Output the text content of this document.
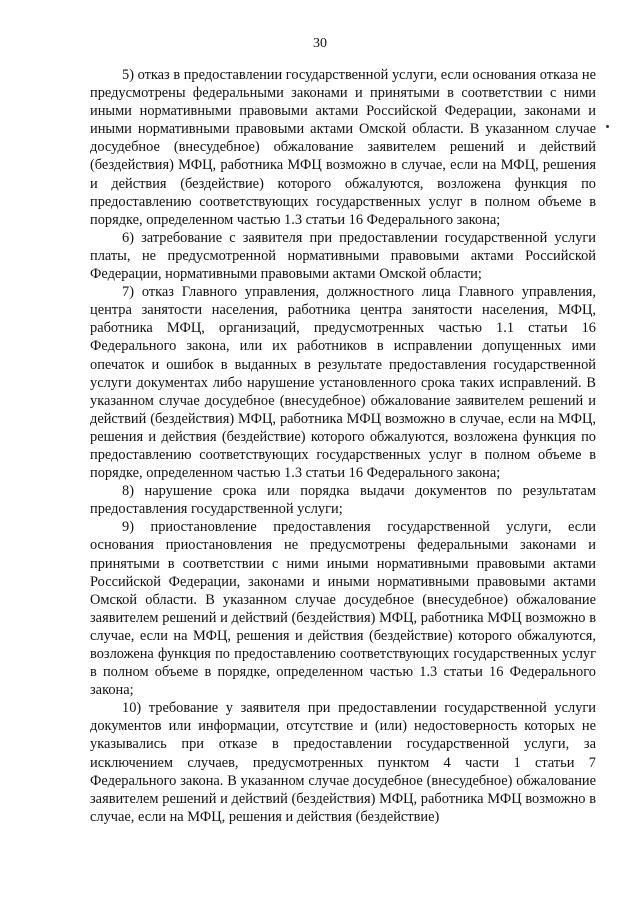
30

5) отказ в предоставлении государственной услуги, если основания отказа не предусмотрены федеральными законами и принятыми в соответствии с ними иными нормативными правовыми актами Российской Федерации, законами и иными нормативными правовыми актами Омской области. В указанном случае досудебное (внесудебное) обжалование заявителем решений и действий (бездействия) МФЦ, работника МФЦ возможно в случае, если на МФЦ, решения и действия (бездействие) которого обжалуются, возложена функция по предоставлению соответствующих государственных услуг в полном объеме в порядке, определенном частью 1.3 статьи 16 Федерального закона;

6) затребование с заявителя при предоставлении государственной услуги платы, не предусмотренной нормативными правовыми актами Российской Федерации, нормативными правовыми актами Омской области;

7) отказ Главного управления, должностного лица Главного управления, центра занятости населения, работника центра занятости населения, МФЦ, работника МФЦ, организаций, предусмотренных частью 1.1 статьи 16 Федерального закона, или их работников в исправлении допущенных ими опечаток и ошибок в выданных в результате предоставления государственной услуги документах либо нарушение установленного срока таких исправлений. В указанном случае досудебное (внесудебное) обжалование заявителем решений и действий (бездействия) МФЦ, работника МФЦ возможно в случае, если на МФЦ, решения и действия (бездействие) которого обжалуются, возложена функция по предоставлению соответствующих государственных услуг в полном объеме в порядке, определенном частью 1.3 статьи 16 Федерального закона;

8) нарушение срока или порядка выдачи документов по результатам предоставления государственной услуги;

9) приостановление предоставления государственной услуги, если основания приостановления не предусмотрены федеральными законами и принятыми в соответствии с ними иными нормативными правовыми актами Российской Федерации, законами и иными нормативными правовыми актами Омской области. В указанном случае досудебное (внесудебное) обжалование заявителем решений и действий (бездействия) МФЦ, работника МФЦ возможно в случае, если на МФЦ, решения и действия (бездействие) которого обжалуются, возложена функция по предоставлению соответствующих государственных услуг в полном объеме в порядке, определенном частью 1.3 статьи 16 Федерального закона;

10) требование у заявителя при предоставлении государственной услуги документов или информации, отсутствие и (или) недостоверность которых не указывались при отказе в предоставлении государственной услуги, за исключением случаев, предусмотренных пунктом 4 части 1 статьи 7 Федерального закона. В указанном случае досудебное (внесудебное) обжалование заявителем решений и действий (бездействия) МФЦ, работника МФЦ возможно в случае, если на МФЦ, решения и действия (бездействие)
